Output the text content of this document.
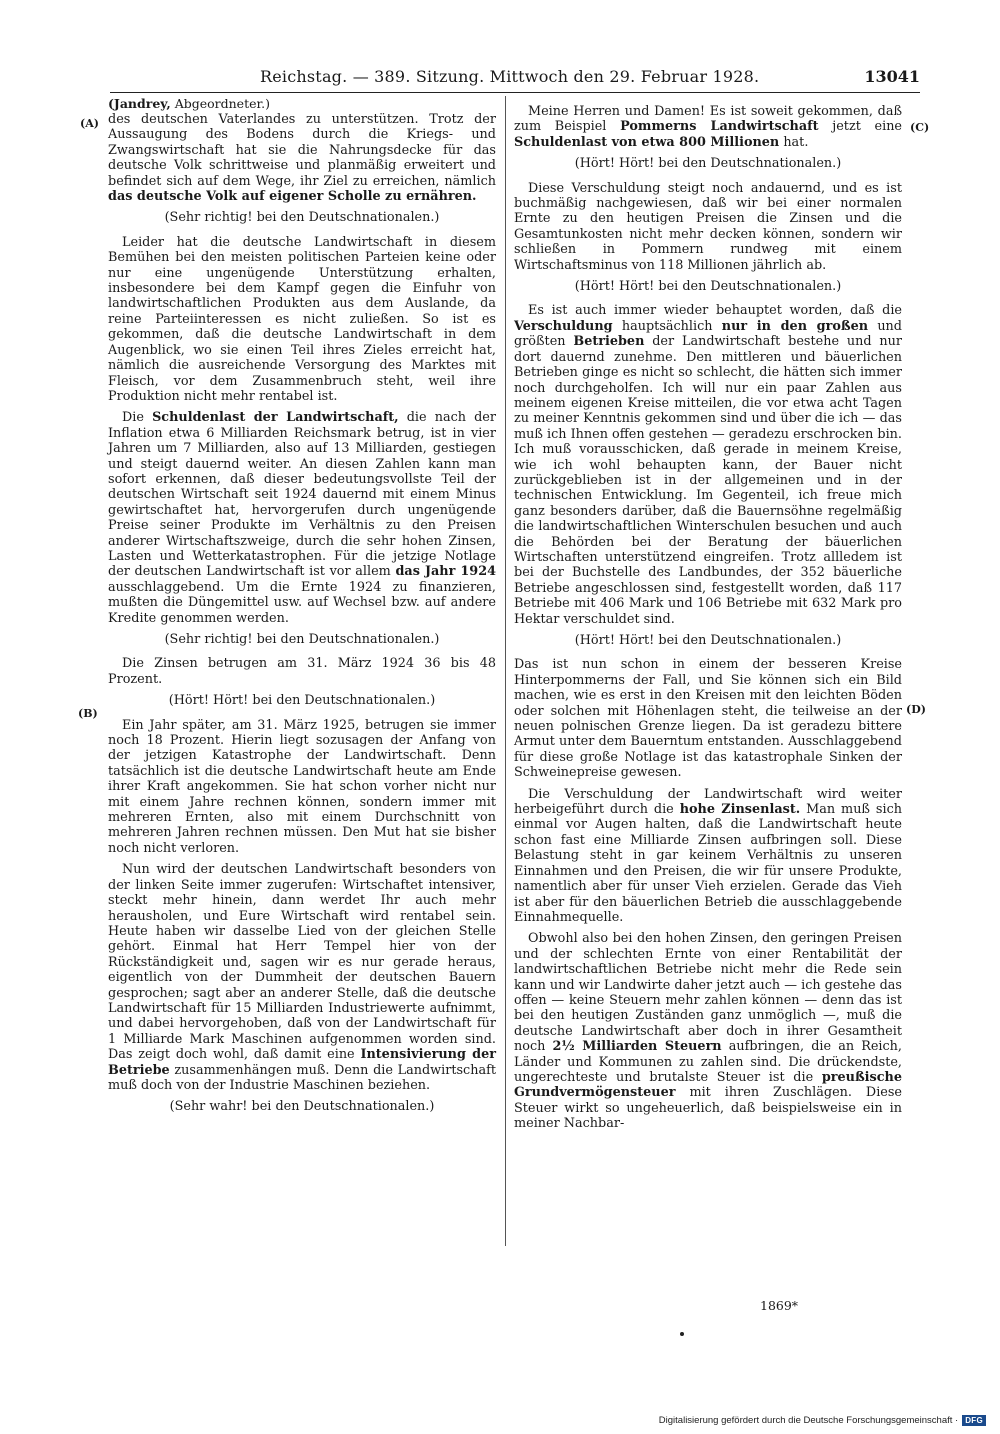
Reichstag. — 389. Sitzung. Mittwoch den 29. Februar 1928.	13041
(Jandrey, Abgeordneter.)
(A)
(B)
(C)
(D)

des deutschen Vaterlandes zu unterstützen. Trotz der Aussaugung des Bodens durch die Kriegs- und Zwangswirtschaft hat sie die Nahrungsdecke für das deutsche Volk schrittweise und planmäßig erweitert und befindet sich auf dem Wege, ihr Ziel zu erreichen, nämlich das deutsche Volk auf eigener Scholle zu ernähren.

(Sehr richtig! bei den Deutschnationalen.)

Leider hat die deutsche Landwirtschaft in diesem Bemühen bei den meisten politischen Parteien keine oder nur eine ungenügende Unterstützung erhalten, insbesondere bei dem Kampf gegen die Einfuhr von landwirtschaftlichen Produkten aus dem Auslande, da reine Parteiinteressen es nicht zuließen. So ist es gekommen, daß die deutsche Landwirtschaft in dem Augenblick, wo sie einen Teil ihres Zieles erreicht hat, nämlich die ausreichende Versorgung des Marktes mit Fleisch, vor dem Zusammenbruch steht, weil ihre Produktion nicht mehr rentabel ist.

Die Schuldenlast der Landwirtschaft, die nach der Inflation etwa 6 Milliarden Reichsmark betrug, ist in vier Jahren um 7 Milliarden, also auf 13 Milliarden, gestiegen und steigt dauernd weiter. An diesen Zahlen kann man sofort erkennen, daß dieser bedeutungsvollste Teil der deutschen Wirtschaft seit 1924 dauernd mit einem Minus gewirtschaftet hat, hervorgerufen durch ungenügende Preise seiner Produkte im Verhältnis zu den Preisen anderer Wirtschaftszweige, durch die sehr hohen Zinsen, Lasten und Wetterkatastrophen. Für die jetzige Notlage der deutschen Landwirtschaft ist vor allem das Jahr 1924 ausschlaggebend. Um die Ernte 1924 zu finanzieren, mußten die Düngemittel usw. auf Wechsel bzw. auf andere Kredite genommen werden.

(Sehr richtig! bei den Deutschnationalen.)

Die Zinsen betrugen am 31. März 1924 36 bis 48 Prozent.

(Hört! Hört! bei den Deutschnationalen.)

Ein Jahr später, am 31. März 1925, betrugen sie immer noch 18 Prozent. Hierin liegt sozusagen der Anfang von der jetzigen Katastrophe der Landwirtschaft. Denn tatsächlich ist die deutsche Landwirtschaft heute am Ende ihrer Kraft angekommen. Sie hat schon vorher nicht nur mit einem Jahre rechnen können, sondern immer mit mehreren Ernten, also mit einem Durchschnitt von mehreren Jahren rechnen müssen. Den Mut hat sie bisher noch nicht verloren.

Nun wird der deutschen Landwirtschaft besonders von der linken Seite immer zugerufen: Wirtschaftet intensiver, steckt mehr hinein, dann werdet Ihr auch mehr herausholen, und Eure Wirtschaft wird rentabel sein. Heute haben wir dasselbe Lied von der gleichen Stelle gehört. Einmal hat Herr Tempel hier von der Rückständigkeit und, sagen wir es nur gerade heraus, eigentlich von der Dummheit der deutschen Bauern gesprochen; sagt aber an anderer Stelle, daß die deutsche Landwirtschaft für 15 Milliarden Industriewerte aufnimmt, und dabei hervorgehoben, daß von der Landwirtschaft für 1 Milliarde Mark Maschinen aufgenommen worden sind. Das zeigt doch wohl, daß damit eine Intensivierung der Betriebe zusammenhängen muß. Denn die Landwirtschaft muß doch von der Industrie Maschinen beziehen.

(Sehr wahr! bei den Deutschnationalen.)

Meine Herren und Damen! Es ist soweit gekommen, daß zum Beispiel Pommerns Landwirtschaft jetzt eine Schuldenlast von etwa 800 Millionen hat.

(Hört! Hört! bei den Deutschnationalen.)

Diese Verschuldung steigt noch andauernd, und es ist buchmäßig nachgewiesen, daß wir bei einer normalen Ernte zu den heutigen Preisen die Zinsen und die Gesamtunkosten nicht mehr decken können, sondern wir schließen in Pommern rundweg mit einem Wirtschaftsminus von 118 Millionen jährlich ab.

(Hört! Hört! bei den Deutschnationalen.)

Es ist auch immer wieder behauptet worden, daß die Verschuldung hauptsächlich nur in den großen und größten Betrieben der Landwirtschaft bestehe und nur dort dauernd zunehme. Den mittleren und bäuerlichen Betrieben ginge es nicht so schlecht, die hätten sich immer noch durchgeholfen. Ich will nur ein paar Zahlen aus meinem eigenen Kreise mitteilen, die vor etwa acht Tagen zu meiner Kenntnis gekommen sind und über die ich — das muß ich Ihnen offen gestehen — geradezu erschrocken bin. Ich muß vorausschicken, daß gerade in meinem Kreise, wie ich wohl behaupten kann, der Bauer nicht zurückgeblieben ist in der allgemeinen und in der technischen Entwicklung. Im Gegenteil, ich freue mich ganz besonders darüber, daß die Bauernsöhne regelmäßig die landwirtschaftlichen Winterschulen besuchen und auch die Behörden bei der Beratung der bäuerlichen Wirtschaften unterstützend eingreifen. Trotz allledem ist bei der Buchstelle des Landbundes, der 352 bäuerliche Betriebe angeschlossen sind, festgestellt worden, daß 117 Betriebe mit 406 Mark und 106 Betriebe mit 632 Mark pro Hektar verschuldet sind.

(Hört! Hört! bei den Deutschnationalen.)

Das ist nun schon in einem der besseren Kreise Hinterpommerns der Fall, und Sie können sich ein Bild machen, wie es erst in den Kreisen mit den leichten Böden oder solchen mit Höhenlagen steht, die teilweise an der neuen polnischen Grenze liegen. Da ist geradezu bittere Armut unter dem Bauerntum entstanden. Ausschlaggebend für diese große Notlage ist das katastrophale Sinken der Schweinepreise gewesen.

Die Verschuldung der Landwirtschaft wird weiter herbeigeführt durch die hohe Zinsenlast. Man muß sich einmal vor Augen halten, daß die Landwirtschaft heute schon fast eine Milliarde Zinsen aufbringen soll. Diese Belastung steht in gar keinem Verhältnis zu unseren Einnahmen und den Preisen, die wir für unsere Produkte, namentlich aber für unser Vieh erzielen. Gerade das Vieh ist aber für den bäuerlichen Betrieb die ausschlaggebende Einnahmequelle.

Obwohl also bei den hohen Zinsen, den geringen Preisen und der schlechten Ernte von einer Rentabilität der landwirtschaftlichen Betriebe nicht mehr die Rede sein kann und wir Landwirte daher jetzt auch — ich gestehe das offen — keine Steuern mehr zahlen können — denn das ist bei den heutigen Zuständen ganz unmöglich —, muß die deutsche Landwirtschaft aber doch in ihrer Gesamtheit noch 2½ Milliarden Steuern aufbringen, die an Reich, Länder und Kommunen zu zahlen sind. Die drückendste, ungerechteste und brutalste Steuer ist die preußische Grundvermögensteuer mit ihren Zuschlägen. Diese Steuer wirkt so ungeheuerlich, daß beispielsweise ein in meiner Nachbar-

1869*
Digitalisierung gefördert durch die Deutsche Forschungsgemeinschaft · DFG
